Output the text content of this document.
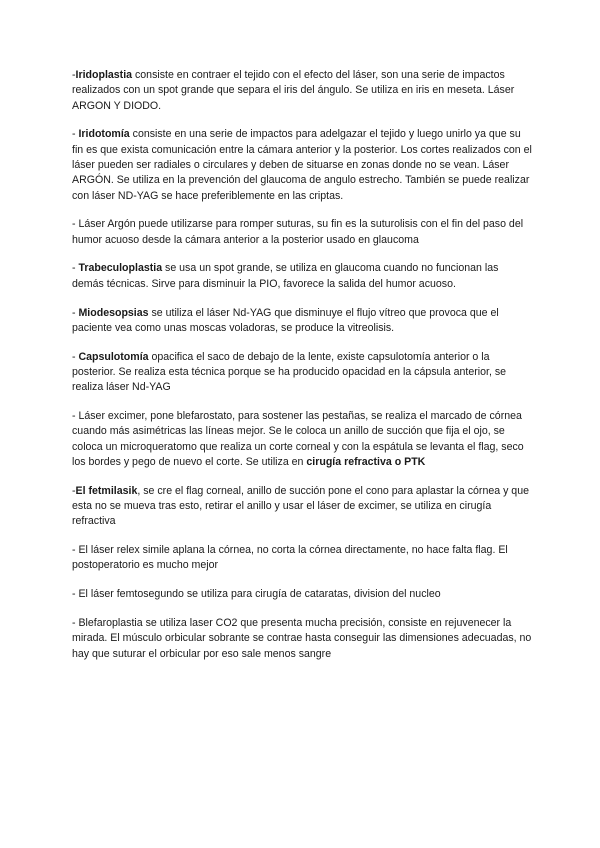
-Iridoplastia consiste en contraer el tejido con el efecto del láser, son una serie de impactos realizados con un spot grande que separa el iris del ángulo. Se utiliza en iris en meseta. Láser ARGON Y DIODO.

- Iridotomía consiste en una serie de impactos para adelgazar el tejido y luego unirlo ya que su fin es que exista comunicación entre la cámara anterior y la posterior. Los cortes realizados con el láser pueden ser radiales o circulares y deben de situarse en zonas donde no se vean. Láser ARGÓN. Se utiliza en la prevención del glaucoma de angulo estrecho. También se puede realizar con láser ND-YAG se hace preferiblemente en las criptas.

- Láser Argón puede utilizarse para romper suturas, su fin es la suturolisis con el fin del paso del humor acuoso desde la cámara anterior a la posterior usado en glaucoma

- Trabeculoplastia se usa un spot grande, se utiliza en glaucoma cuando no funcionan las demás técnicas. Sirve para disminuir la PIO, favorece la salida del humor acuoso.

- Miodesopsias se utiliza el láser Nd-YAG que disminuye el flujo vítreo que provoca que el paciente vea como unas moscas voladoras, se produce la vitreolisis.

- Capsulotomía opacifica el saco de debajo de la lente, existe capsulotomía anterior o la posterior. Se realiza esta técnica porque se ha producido opacidad en la cápsula anterior, se realiza láser Nd-YAG

- Láser excimer, pone blefarostato, para sostener las pestañas, se realiza el marcado de córnea cuando más asimétricas las líneas mejor. Se le coloca un anillo de succión que fija el ojo, se coloca un microqueratomo que realiza un corte corneal y con la espátula se levanta el flag, seco los bordes y pego de nuevo el corte. Se utiliza en cirugía refractiva o PTK

-El fetmilasik, se cre el flag corneal, anillo de succión pone el cono para aplastar la córnea y que esta no se mueva tras esto, retirar el anillo y usar el láser de excimer, se utiliza en cirugía refractiva

- El láser relex simile aplana la córnea, no corta la córnea directamente, no hace falta flag. El postoperatorio es mucho mejor

- El láser femtosegundo se utiliza para cirugía de cataratas, division del nucleo

- Blefaroplastia se utiliza laser CO2 que presenta mucha precisión, consiste en rejuvenecer la mirada. El músculo orbicular sobrante se contrae hasta conseguir las dimensiones adecuadas, no hay que suturar el orbicular por eso sale menos sangre
